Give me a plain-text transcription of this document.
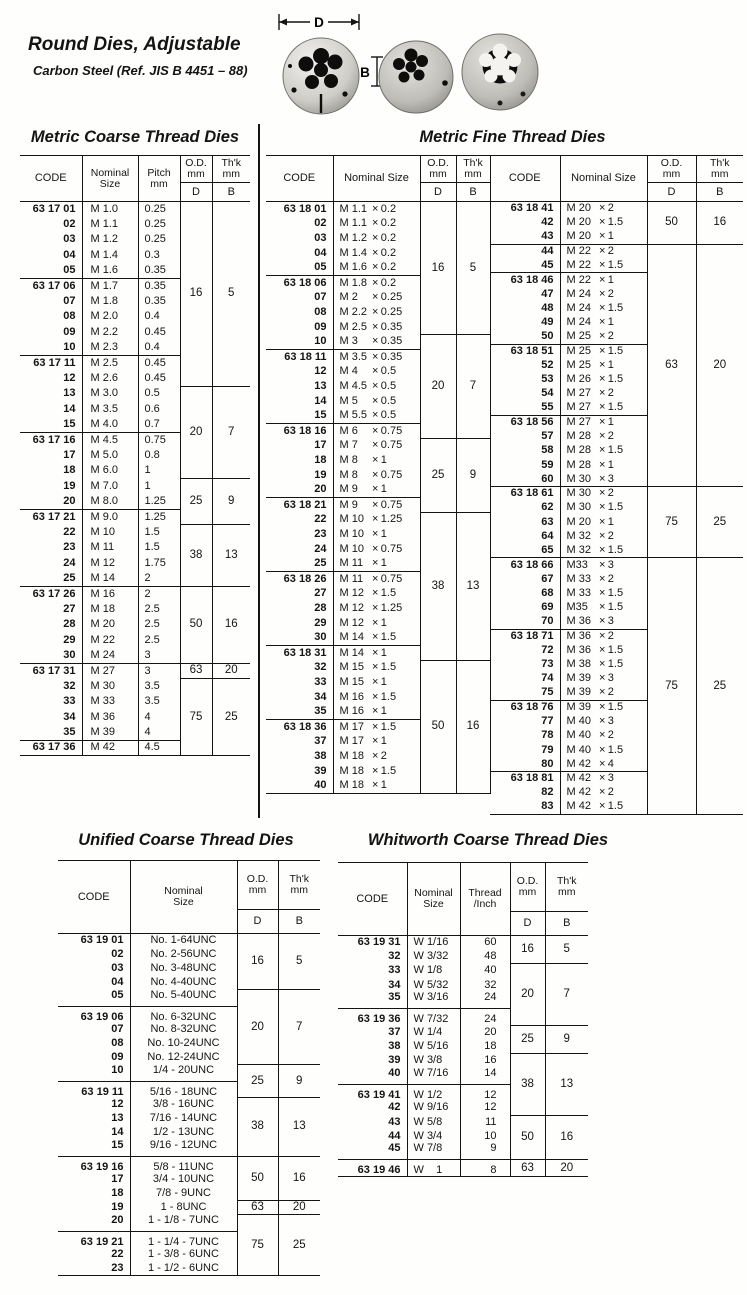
Round Dies, Adjustable
Carbon Steel (Ref. JIS B 4451 – 88)
D
B
Metric Coarse Thread Dies	Metric Fine Thread Dies
CODE	Nominal
Size

Pitch
mm

O.D.
mm

Th'k
mm

			D	B
63 17 01	M 1.0	0.25	16	5
02	M 1.1	0.25		
03	M 1.2	0.25		
04	M 1.4	0.3		
05	M 1.6	0.35		
63 17 06	M 1.7	0.35		
07	M 1.8	0.35		
08	M 2.0	0.4		
09	M 2.2	0.45		
10	M 2.3	0.4		
63 17 11	M 2.5	0.45		
12	M 2.6	0.45		
13	M 3.0	0.5	20	7
14	M 3.5	0.6		
15	M 4.0	0.7		
63 17 16	M 4.5	0.75		
17	M 5.0	0.8		
18	M 6.0	1		
19	M 7.0	1	25	9
20	M 8.0	1.25		
63 17 21	M 9.0	1.25		
22	M 10	1.5	38	13
23	M 11	1.5		
24	M 12	1.75		
25	M 14	2		
63 17 26	M 16	2	50	16
27	M 18	2.5		
28	M 20	2.5		
29	M 22	2.5		
30	M 24	3		
63 17 31	M 27	3	63	20
32	M 30	3.5	75	25
33	M 33	3.5		
34	M 36	4		
35	M 39	4		
63 17 36	M 42	4.5		
CODE	Nominal Size	
O.D.
mm

Th'k
mm

		D	B
63 18 01	M 1.1 × 0.2	16	5
02	M 1.1 × 0.2		
03	M 1.2 × 0.2		
04	M 1.4 × 0.2		
05	M 1.6 × 0.2		
63 18 06	M 1.8 × 0.2		
07	M 2 × 0.25		
08	M 2.2 × 0.25		
09	M 2.5 × 0.35		
10	M 3 × 0.35	20	7
63 18 11	M 3.5 × 0.35		
12	M 4 × 0.5		
13	M 4.5 × 0.5		
14	M 5 × 0.5		
15	M 5.5 × 0.5		
63 18 16	M 6 × 0.75		
17	M 7 × 0.75	25	9
18	M 8 × 1		
19	M 8 × 0.75		
20	M 9 × 1		
63 18 21	M 9 × 0.75		
22	M 10 × 1.25	38	13
23	M 10 × 1		
24	M 10 × 0.75		
25	M 11 × 1		
63 18 26	M 11 × 0.75		
27	M 12 × 1.5		
28	M 12 × 1.25		
29	M 12 × 1		
30	M 14 × 1.5		
63 18 31	M 14 × 1		
32	M 15 × 1.5	50	16
33	M 15 × 1		
34	M 16 × 1.5		
35	M 16 × 1		
63 18 36	M 17 × 1.5		
37	M 17 × 1		
38	M 18 × 2		
39	M 18 × 1.5		
40	M 18 × 1		
CODE	Nominal Size	
O.D.
mm

Th'k
mm

		D	B
63 18 41	M 20 × 2	50	16
42	M 20 × 1.5		
43	M 20 × 1		
44	M 22 × 2	63	20
45	M 22 × 1.5		
63 18 46	M 22 × 1		
47	M 24 × 2		
48	M 24 × 1.5		
49	M 24 × 1		
50	M 25 × 2		
63 18 51	M 25 × 1.5		
52	M 25 × 1		
53	M 26 × 1.5		
54	M 27 × 2		
55	M 27 × 1.5		
63 18 56	M 27 × 1		
57	M 28 × 2		
58	M 28 × 1.5		
59	M 28 × 1		
60	M 30 × 3		
63 18 61	M 30 × 2	75	25
62	M 30 × 1.5		
63	M 20 × 1		
64	M 32 × 2		
65	M 32 × 1.5		
63 18 66	M33 × 3	75	25
67	M 33 × 2		
68	M 33 × 1.5		
69	M35 × 1.5		
70	M 36 × 3		
63 18 71	M 36 × 2		
72	M 36 × 1.5		
73	M 38 × 1.5		
74	M 39 × 3		
75	M 39 × 2		
63 18 76	M 39 × 1.5		
77	M 40 × 3		
78	M 40 × 2		
79	M 40 × 1.5		
80	M 42 × 4		
63 18 81	M 42 × 3		
82	M 42 × 2		
83	M 42 × 1.5		
Unified Coarse Thread Dies	Whitworth Coarse Thread Dies
CODE	Nominal
Size

O.D.
mm

Th'k
mm

		D	B
63 19 01	No. 1-64UNC	16	5
02	No. 2-56UNC		
03	No. 3-48UNC		
04	No. 4-40UNC		
05	No. 5-40UNC	20	7
63 19 06	No. 6-32UNC		
07	No. 8-32UNC		
08	No. 10-24UNC		
09	No. 12-24UNC		
10	1/4 - 20UNC	25	9
63 19 11	5/16 - 18UNC		
12	3/8 - 16UNC	38	13
13	7/16 - 14UNC		
14	1/2 - 13UNC		
15	9/16 - 12UNC		
63 19 16	5/8 - 11UNC	50	16
17	3/4 - 10UNC		
18	7/8 - 9UNC		
19	1 - 8UNC	63	20
20	1 - 1/8 - 7UNC	75	25
63 19 21	1 - 1/4 - 7UNC		
22	1 - 3/8 - 6UNC		
23	1 - 1/2 - 6UNC		
CODE	Nominal
Size

Thread
/Inch

O.D.
mm

Th'k
mm

			D	B
63 19 31	W 1/16	60	16	5
32	W 3/32	48		
33	W 1/8	40	20	7
34	W 5/32	32		
35	W 3/16	24		
63 19 36	W 7/32	24		
37	W 1/4	20	25	9
38	W 5/16	18		
39	W 3/8	16	38	13
40	W 7/16	14		
63 19 41	W 1/2	12		
42	W 9/16	12		
43	W 5/8	11	50	16
44	W 3/4	10		
45	W 7/8	9		
63 19 46	W    1	8	63	20
